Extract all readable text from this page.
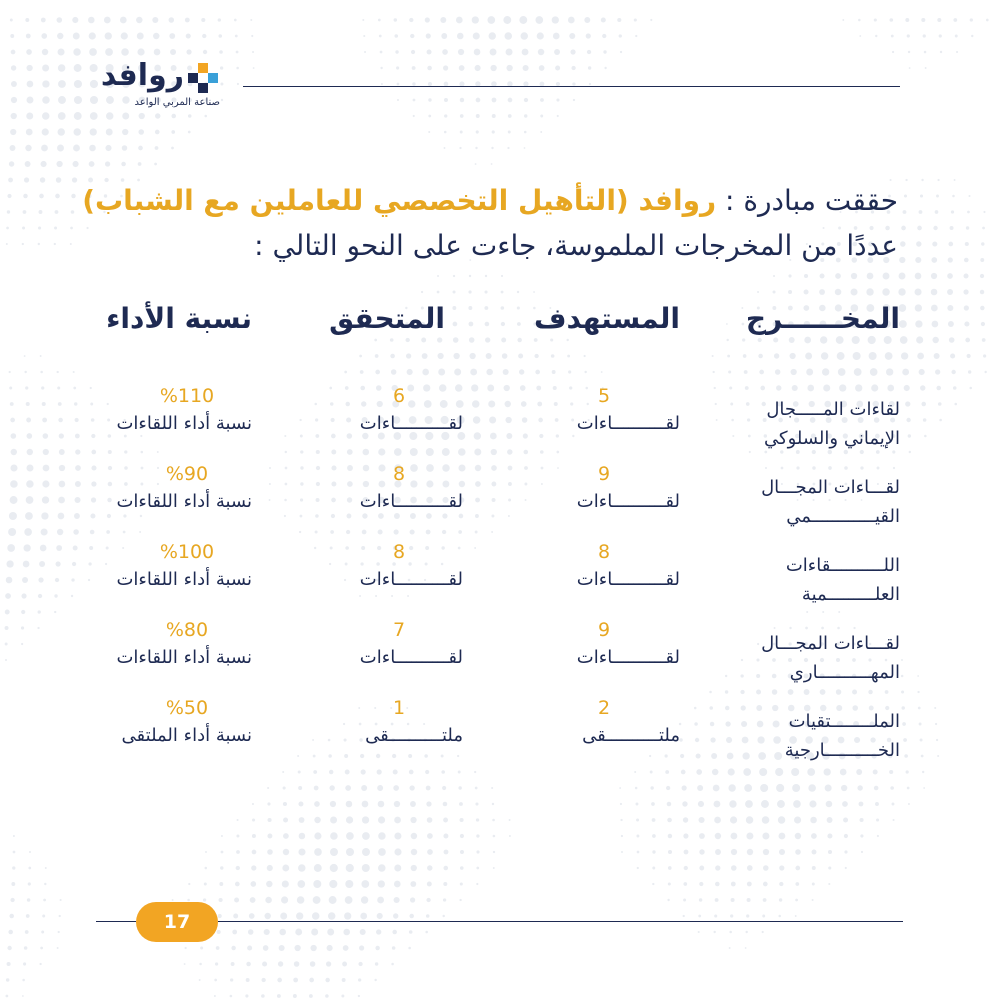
روافد
صناعة المربي الواعد
حققت مبادرة : روافد (التأهيل التخصصي للعاملين مع الشباب)
عددًا من المخرجات الملموسة، جاءت على النحو التالي :
المخــــــرج
المستهدف
المتحقق
نسبة الأداء
لقاءات المـــــجال
الإيماني والسلوكي
5
لقــــــــــاءات
6
لقــــــــــاءات
%110
نسبة أداء اللقاءات
لقـــاءات المجـــال
القيــــــــــــمي
9
لقــــــــــاءات
8
لقــــــــــاءات
%90
نسبة أداء اللقاءات
اللــــــــــقاءات
العلـــــــــمية
8
لقــــــــــاءات
8
لقــــــــــاءات
%100
نسبة أداء اللقاءات
لقـــاءات المجـــال
المهــــــــــاري
9
لقــــــــــاءات
7
لقــــــــــاءات
%80
نسبة أداء اللقاءات
الملــــــــتقيات
الخــــــــــارجية
2
ملتــــــــــقى
1
ملتــــــــــقى
%50
نسبة أداء الملتقى
17
